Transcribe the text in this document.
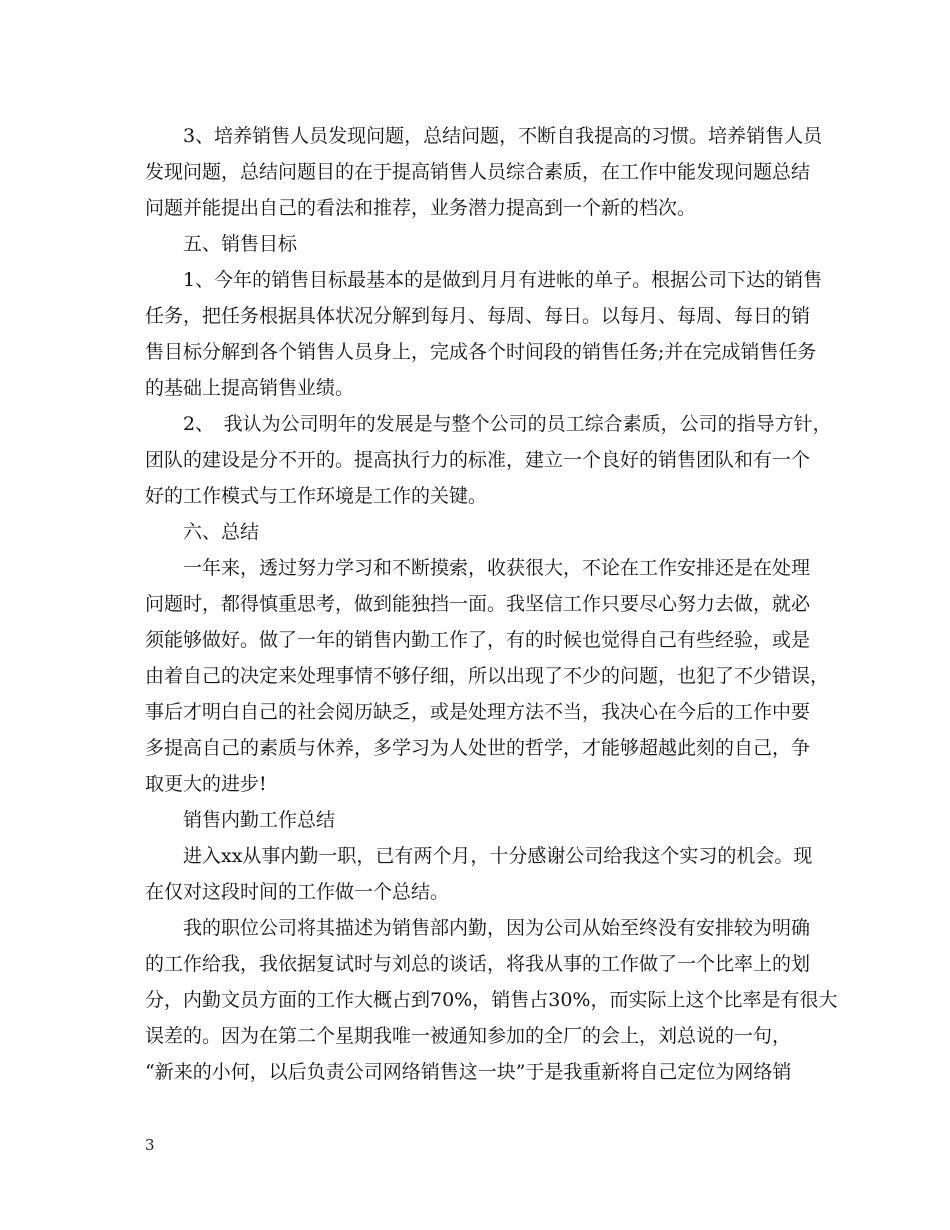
3、培养销售人员发现问题，总结问题，不断自我提高的习惯。培养销售人员
发现问题，总结问题目的在于提高销售人员综合素质，在工作中能发现问题总结
问题并能提出自己的看法和推荐，业务潜力提高到一个新的档次。
五、销售目标
1、今年的销售目标最基本的是做到月月有进帐的单子。根据公司下达的销售
任务，把任务根据具体状况分解到每月、每周、每日。以每月、每周、每日的销
售目标分解到各个销售人员身上，完成各个时间段的销售任务;并在完成销售任务
的基础上提高销售业绩。
2、　我认为公司明年的发展是与整个公司的员工综合素质，公司的指导方针，
团队的建设是分不开的。提高执行力的标准，建立一个良好的销售团队和有一个
好的工作模式与工作环境是工作的关键。
六、总结
一年来，透过努力学习和不断摸索，收获很大，不论在工作安排还是在处理
问题时，都得慎重思考，做到能独挡一面。我坚信工作只要尽心努力去做，就必
须能够做好。做了一年的销售内勤工作了，有的时候也觉得自己有些经验，或是
由着自己的决定来处理事情不够仔细，所以出现了不少的问题，也犯了不少错误，
事后才明白自己的社会阅历缺乏，或是处理方法不当，我决心在今后的工作中要
多提高自己的素质与休养，多学习为人处世的哲学，才能够超越此刻的自己，争
取更大的进步!
销售内勤工作总结
进入xx从事内勤一职，已有两个月，十分感谢公司给我这个实习的机会。现
在仅对这段时间的工作做一个总结。
我的职位公司将其描述为销售部内勤，因为公司从始至终没有安排较为明确
的工作给我，我依据复试时与刘总的谈话，将我从事的工作做了一个比率上的划
分，内勤文员方面的工作大概占到70%，销售占30%，而实际上这个比率是有很大
误差的。因为在第二个星期我唯一被通知参加的全厂的会上，刘总说的一句，
“新来的小何，以后负责公司网络销售这一块”于是我重新将自己定位为网络销
3
